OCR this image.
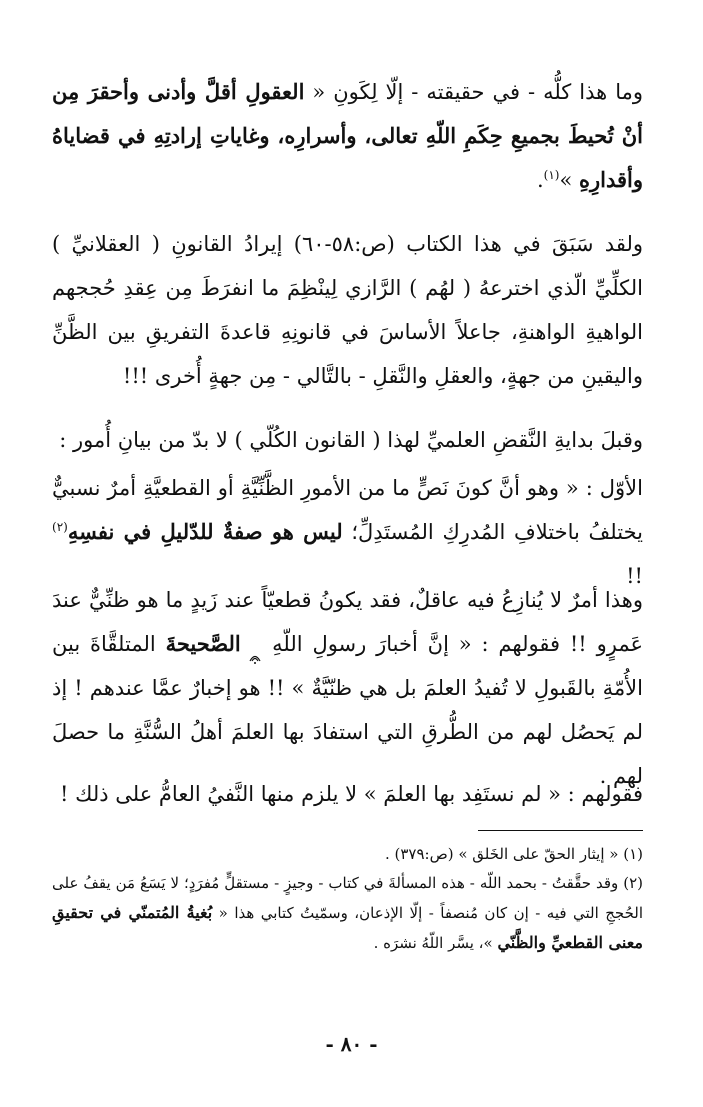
وما هذا كلُّه - في حقيقته - إلّا لِكَونِ « العقولِ أقلَّ وأدنى وأحقرَ مِن أنْ تُحيطَ بجميعِ حِكَمِ اللّهِ تعالى، وأسرارِه، وغاياتِ إرادتِهِ في قضاياهُ وأقدارِهِ »$^{(١)}$.

ولقد سَبَقَ في هذا الكتاب (ص:٥٨-٦٠) إيرادُ القانونِ ( العقلانيِّ ) الكلِّيِّ الّذي اخترعهُ ( لهُم ) الرَّازي لِينْظِمَ ما انفرَطَ مِن عِقدِ حُججهم الواهيةِ الواهنةِ، جاعلاً الأساسَ في قانونِهِ قاعدةَ التفريقِ بين الظَّنِّ واليقينِ من جهةٍ، والعقلِ والنَّقلِ - بالتَّالي - مِن جهةٍ أُخرى !!!

وقبلَ بدايةِ النَّقضِ العلميِّ لهذا ( القانون الكُلّي ) لا بدّ من بيانِ أُمور :

الأوّل : « وهو أنَّ كونَ نَصٍّ ما من الأمورِ الظَّنِّيَّةِ أو القطعيَّةِ أمرٌ نسبيٌّ يختلفُ باختلافِ المُدرِكِ المُستَدِلِّ؛ ليس هو صفةٌ للدّليلِ في نفسِهِ$^{(٢)}$ !!

وهذا أمرٌ لا يُنازِعُ فيه عاقلٌ، فقد يكونُ قطعيّاً عند زَيدٍ ما هو ظنِّيٌّ عندَ عَمرٍو !! فقولهم : « إنَّ أخبارَ رسولِ اللّهِ  الصَّحيحةَ المتلقَّاةَ بين الأُمّةِ بالقَبولِ لا تُفيدُ العلمَ بل هي ظنّيَّةٌ » !! هو إخبارٌ عمَّا عندهم ! إذ لم يَحصُل لهم من الطُّرقِ التي استفادَ بها العلمَ أهلُ السُّنَّةِ ما حصلَ لهم .

فقولهم : « لم نستَفِد بها العلمَ » لا يلزم منها النَّفيُ العامُّ على ذلك !

(١) « إيثار الحقّ على الخَلق » (ص:٣٧٩) .
(٢) وقد حقَّقتُ - بحمد اللّه - هذه المسألةَ في كتاب - وجيزٍ - مستقلٍّ مُفرَدٍ؛ لا يَسَعُ مَن يقفُ على الحُججِ التي فيه - إن كان مُنصفاً - إلّا الإذعان، وسمّيتُ كتابي هذا « بُغيةُ المُتمنّي في تحقيقِ معنى القطعيِّ والظَّنّي »، يسَّر اللّهُ نشرَه .
- ٨٠ -
